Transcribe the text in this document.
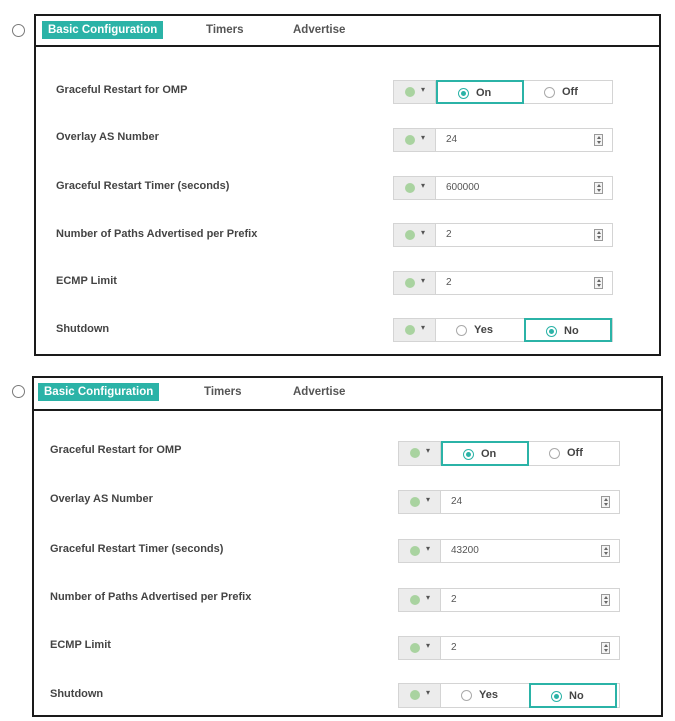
Basic Configuration	Timers	Advertise
Graceful Restart for OMP	▾	On	Off
Overlay AS Number	▾ 24
Graceful Restart Timer (seconds)	▾ 600000
Number of Paths Advertised per Prefix	▾ 2
ECMP Limit	▾ 2
Shutdown	▾	Yes	No
Basic Configuration	Timers	Advertise
Graceful Restart for OMP	▾	On	Off
Overlay AS Number	▾ 24
Graceful Restart Timer (seconds)	▾ 43200
Number of Paths Advertised per Prefix	▾ 2
ECMP Limit	▾ 2
Shutdown	▾	Yes	No
